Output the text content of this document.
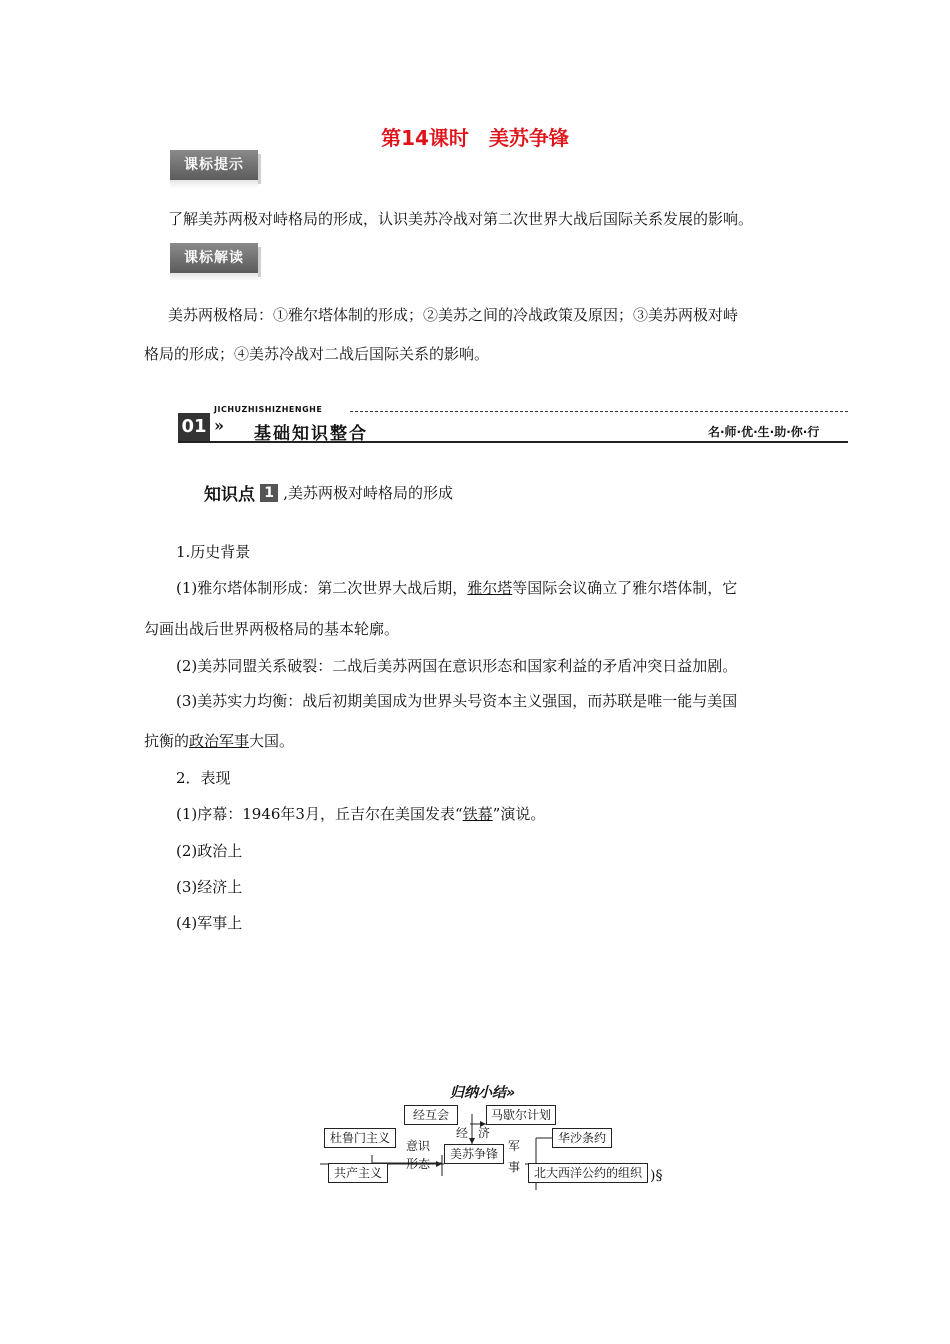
第14课时　美苏争锋
课标提示
了解美苏两极对峙格局的形成，认识美苏冷战对第二次世界大战后国际关系发展的影响。
课标解读
美苏两极格局：①雅尔塔体制的形成；②美苏之间的冷战政策及原因；③美苏两极对峙
格局的形成；④美苏冷战对二战后国际关系的影响。
01
JICHUZHISHIZHENGHE
» 基础知识整合	名·师·优·生·助·你·行
知识点 1 ,美苏两极对峙格局的形成
1.历史背景
(1)雅尔塔体制形成：第二次世界大战后期，雅尔塔等国际会议确立了雅尔塔体制，它
勾画出战后世界两极格局的基本轮廓。
(2)美苏同盟关系破裂：二战后美苏两国在意识形态和国家利益的矛盾冲突日益加剧。
(3)美苏实力均衡：战后初期美国成为世界头号资本主义强国，而苏联是唯一能与美国
抗衡的政治军事大国。
2．表现
(1)序幕：1946年3月，丘吉尔在美国发表“铁幕”演说。
(2)政治上
(3)经济上
(4)军事上
归纳小结»
经互会	马歇尔计划
杜鲁门主义	华沙条约
美苏争锋
共产主义	北大西洋公约的组织
意识
形态
经 济
军
事
)§
